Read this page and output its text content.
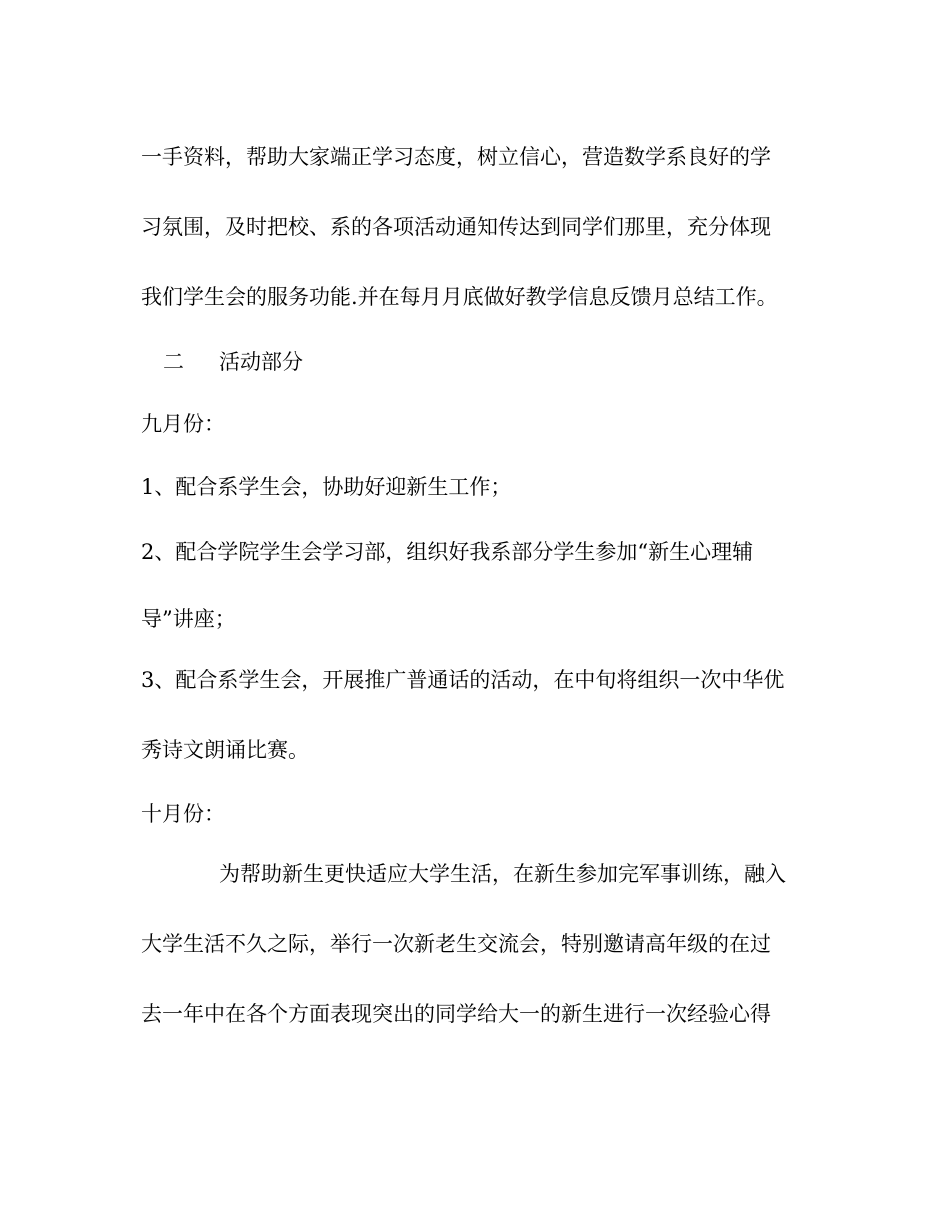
一手资料，帮助大家端正学习态度，树立信心，营造数学系良好的学
习氛围，及时把校、系的各项活动通知传达到同学们那里，充分体现
我们学生会的服务功能.并在每月月底做好教学信息反馈月总结工作。
二 活动部分
九月份：
1、配合系学生会，协助好迎新生工作；
2、配合学院学生会学习部，组织好我系部分学生参加“新生心理辅
导”讲座；
3、配合系学生会，开展推广普通话的活动，在中旬将组织一次中华优
秀诗文朗诵比赛。
十月份：
为帮助新生更快适应大学生活，在新生参加完军事训练，融入
大学生活不久之际，举行一次新老生交流会，特别邀请高年级的在过
去一年中在各个方面表现突出的同学给大一的新生进行一次经验心得
